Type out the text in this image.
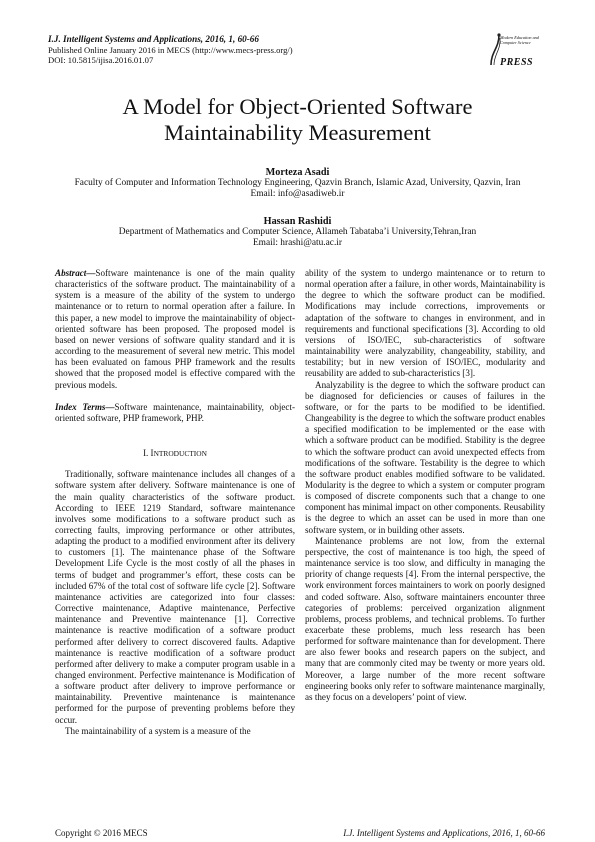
I.J. Intelligent Systems and Applications, 2016, 1, 60-66
Published Online January 2016 in MECS (http://www.mecs-press.org/)
DOI: 10.5815/ijisa.2016.01.07
Modern Education and Computer Science
PRESS
A Model for Object-Oriented Software
Maintainability Measurement
Morteza Asadi
Faculty of Computer and Information Technology Engineering, Qazvin Branch, Islamic Azad, University, Qazvin, Iran
Email: info@asadiweb.ir
Hassan Rashidi
Department of Mathematics and Computer Science, Allameh Tabataba’i University,Tehran,Iran
Email: hrashi@atu.ac.ir

Abstract—Software maintenance is one of the main quality characteristics of the software product. The maintainability of a system is a measure of the ability of the system to undergo maintenance or to return to normal operation after a failure. In this paper, a new model to improve the maintainability of object-oriented software has been proposed. The proposed model is based on newer versions of software quality standard and it is according to the measurement of several new metric. This model has been evaluated on famous PHP framework and the results showed that the proposed model is effective compared with the previous models.

Index Terms—Software maintenance, maintainability, object-oriented software, PHP framework, PHP.

I. INTRODUCTION

Traditionally, software maintenance includes all changes of a software system after delivery. Software maintenance is one of the main quality characteristics of the software product. According to IEEE 1219 Standard, software maintenance involves some modifications to a software product such as correcting faults, improving performance or other attributes, adapting the product to a modified environment after its delivery to customers [1]. The maintenance phase of the Software Development Life Cycle is the most costly of all the phases in terms of budget and programmer’s effort, these costs can be included 67% of the total cost of software life cycle [2]. Software maintenance activities are categorized into four classes: Corrective maintenance, Adaptive maintenance, Perfective maintenance and Preventive maintenance [1]. Corrective maintenance is reactive modification of a software product performed after delivery to correct discovered faults. Adaptive maintenance is reactive modification of a software product performed after delivery to make a computer program usable in a changed environment. Perfective maintenance is Modification of a software product after delivery to improve performance or maintainability. Preventive maintenance is maintenance performed for the purpose of preventing problems before they occur.

The maintainability of a system is a measure of the

ability of the system to undergo maintenance or to return to normal operation after a failure, in other words, Maintainability is the degree to which the software product can be modified. Modifications may include corrections, improvements or adaptation of the software to changes in environment, and in requirements and functional specifications [3]. According to old versions of ISO/IEC, sub-characteristics of software maintainability were analyzability, changeability, stability, and testability; but in new version of ISO/IEC, modularity and reusability are added to sub-characteristics [3].

Analyzability is the degree to which the software product can be diagnosed for deficiencies or causes of failures in the software, or for the parts to be modified to be identified. Changeability is the degree to which the software product enables a specified modification to be implemented or the ease with which a software product can be modified. Stability is the degree to which the software product can avoid unexpected effects from modifications of the software. Testability is the degree to which the software product enables modified software to be validated. Modularity is the degree to which a system or computer program is composed of discrete components such that a change to one component has minimal impact on other components. Reusability is the degree to which an asset can be used in more than one software system, or in building other assets.

Maintenance problems are not low, from the external perspective, the cost of maintenance is too high, the speed of maintenance service is too slow, and difficulty in managing the priority of change requests [4]. From the internal perspective, the work environment forces maintainers to work on poorly designed and coded software. Also, software maintainers encounter three categories of problems: perceived organization alignment problems, process problems, and technical problems. To further exacerbate these problems, much less research has been performed for software maintenance than for development. There are also fewer books and research papers on the subject, and many that are commonly cited may be twenty or more years old. Moreover, a large number of the more recent software engineering books only refer to software maintenance marginally, as they focus on a developers’ point of view.

Copyright © 2016 MECS	I.J. Intelligent Systems and Applications, 2016, 1, 60-66
